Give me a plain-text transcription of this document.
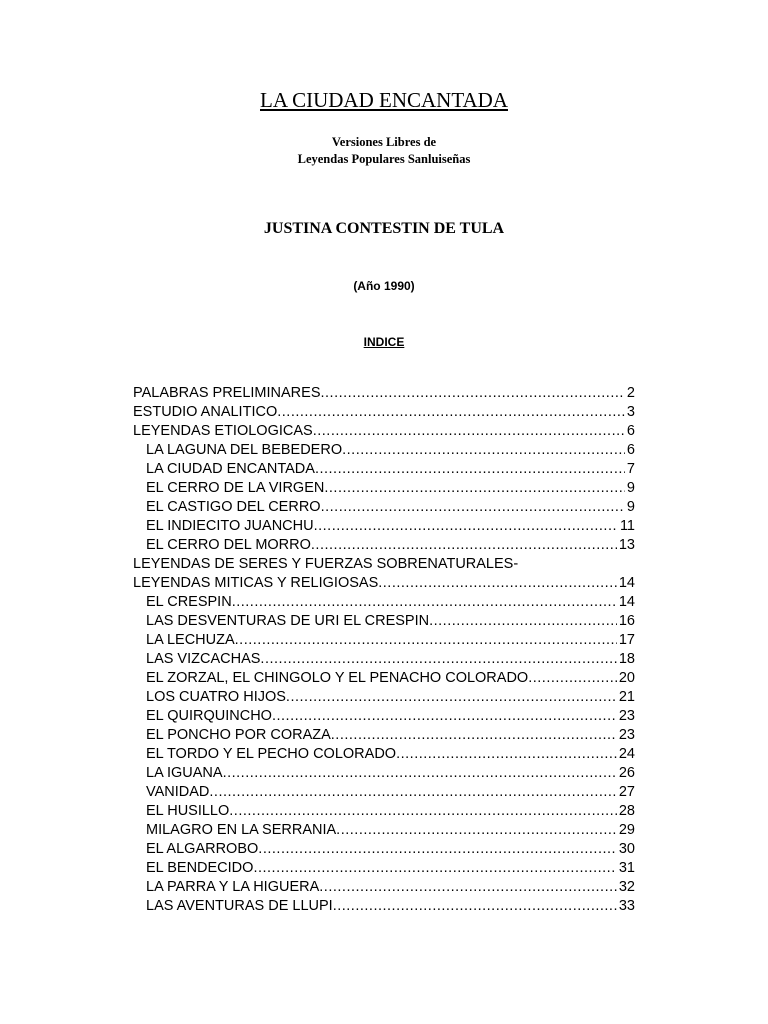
LA CIUDAD ENCANTADA
Versiones Libres de
Leyendas Populares Sanluiseñas
JUSTINA CONTESTIN DE TULA
(Año 1990)
INDICE
PALABRAS PRELIMINARES .....	2
ESTUDIO ANALITICO .....	3
LEYENDAS ETIOLOGICAS .....	6
LA LAGUNA DEL BEBEDERO .....	6
LA CIUDAD ENCANTADA .....	7
EL CERRO DE LA VIRGEN .....	9
EL CASTIGO DEL CERRO .....	9
EL INDIECITO JUANCHU .....	11
EL CERRO DEL MORRO .....	13
LEYENDAS DE SERES Y FUERZAS SOBRENATURALES-
LEYENDAS MITICAS Y RELIGIOSAS .....	14
EL CRESPIN .....	14
LAS DESVENTURAS DE URI EL CRESPIN .....	16
LA LECHUZA .....	17
LAS VIZCACHAS .....	18
EL ZORZAL, EL CHINGOLO Y EL PENACHO COLORADO .....	20
LOS CUATRO HIJOS .....	21
EL QUIRQUINCHO .....	23
EL PONCHO POR CORAZA .....	23
EL TORDO Y EL PECHO COLORADO .....	24
LA IGUANA .....	26
VANIDAD .....	27
EL HUSILLO .....	28
MILAGRO EN LA SERRANIA .....	29
EL ALGARROBO .....	30
EL BENDECIDO .....	31
LA PARRA Y LA HIGUERA .....	32
LAS AVENTURAS DE LLUPI .....	33
